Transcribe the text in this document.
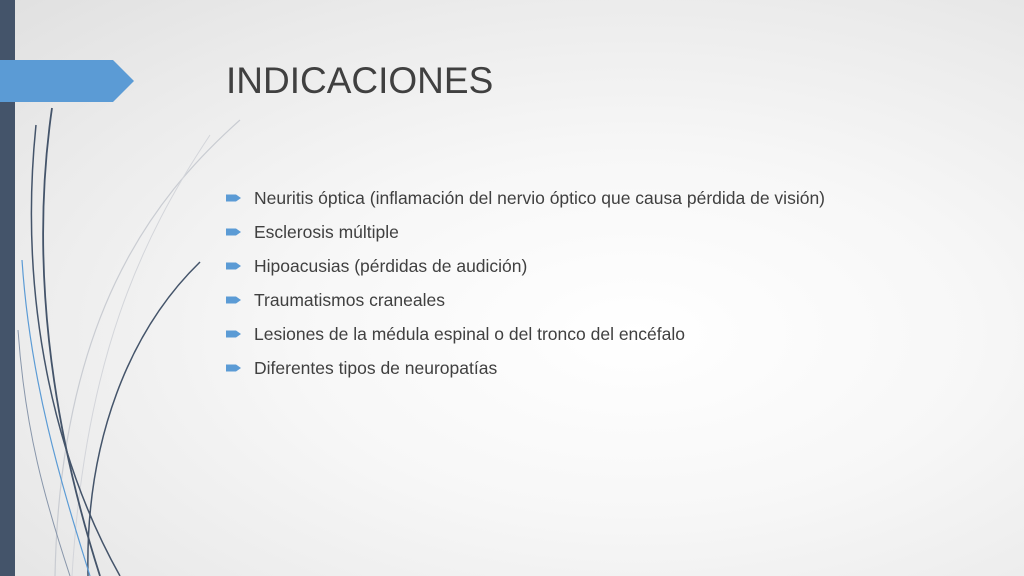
INDICACIONES
Neuritis óptica (inflamación del nervio óptico que causa pérdida de visión)
Esclerosis múltiple
Hipoacusias (pérdidas de audición)
Traumatismos craneales
Lesiones de la médula espinal o del tronco del encéfalo
Diferentes tipos de neuropatías
